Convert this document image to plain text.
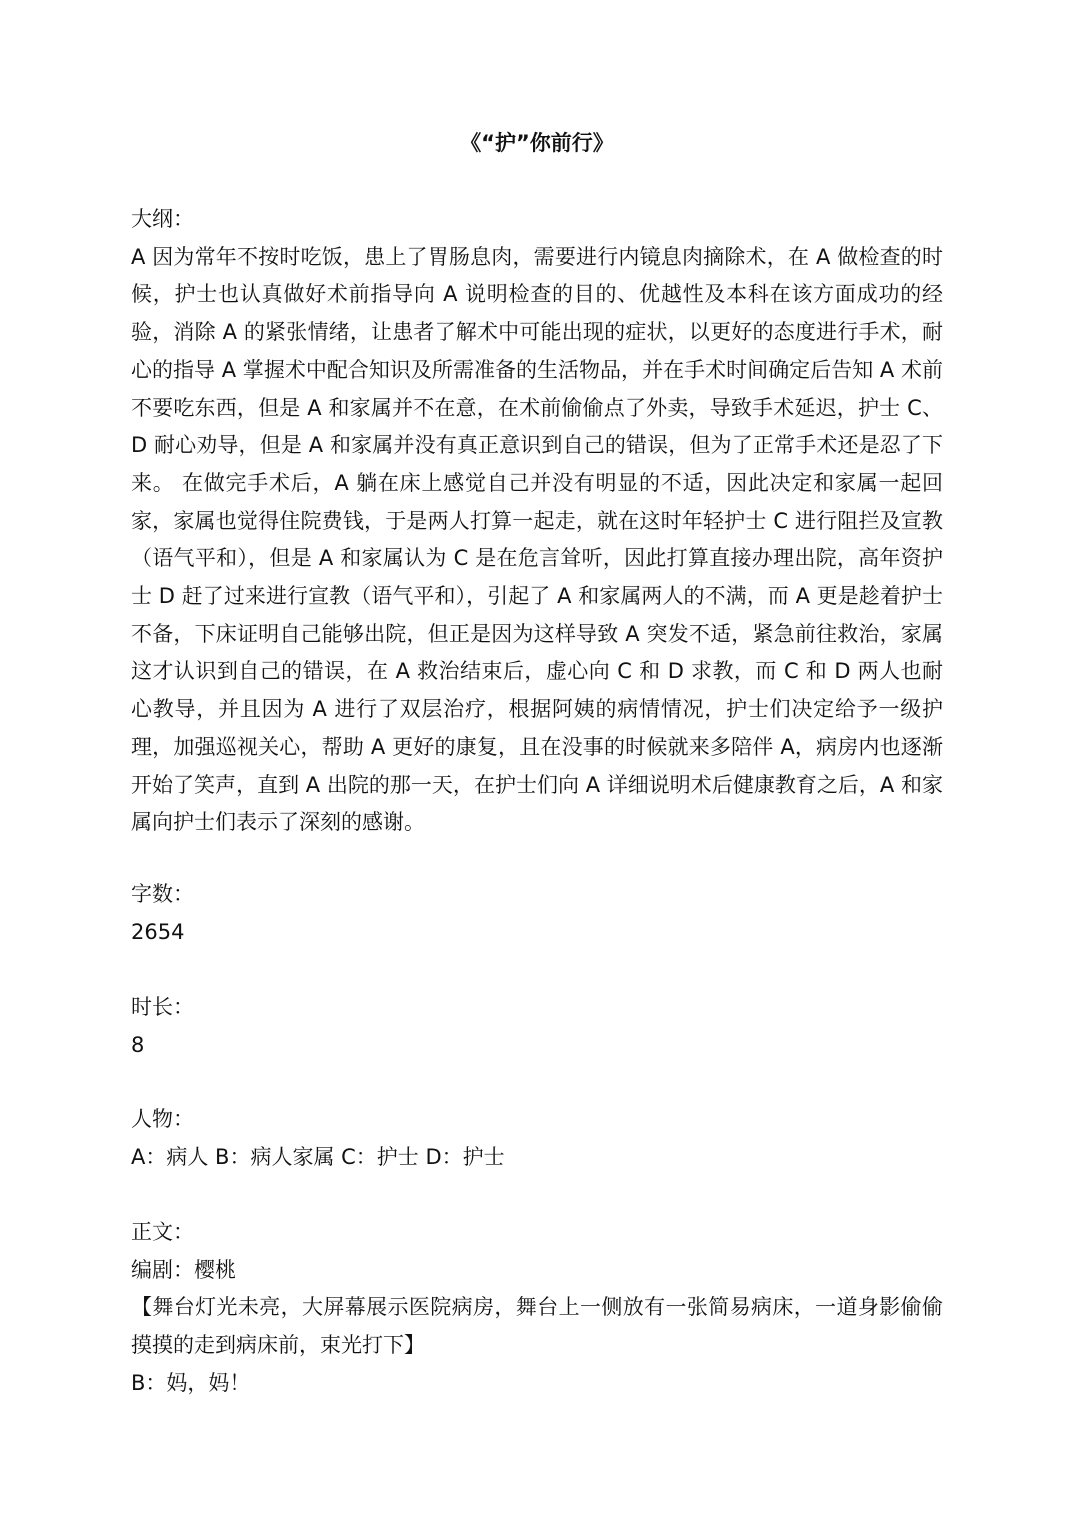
《“护”你前行》
大纲：
A 因为常年不按时吃饭，患上了胃肠息肉，需要进行内镜息肉摘除术，在 A 做检查的时候，护士也认真做好术前指导向 A 说明检查的目的、优越性及本科在该方面成功的经验，消除 A 的紧张情绪，让患者了解术中可能出现的症状，以更好的态度进行手术，耐心的指导 A 掌握术中配合知识及所需准备的生活物品，并在手术时间确定后告知 A 术前不要吃东西，但是 A 和家属并不在意，在术前偷偷点了外卖，导致手术延迟，护士 C、D 耐心劝导，但是 A 和家属并没有真正意识到自己的错误，但为了正常手术还是忍了下来。 在做完手术后，A 躺在床上感觉自己并没有明显的不适，因此决定和家属一起回家，家属也觉得住院费钱，于是两人打算一起走，就在这时年轻护士 C 进行阻拦及宣教（语气平和），但是 A 和家属认为 C 是在危言耸听，因此打算直接办理出院，高年资护士 D 赶了过来进行宣教（语气平和），引起了 A 和家属两人的不满，而 A 更是趁着护士不备，下床证明自己能够出院，但正是因为这样导致 A 突发不适，紧急前往救治，家属这才认识到自己的错误，在 A 救治结束后，虚心向 C 和 D 求教，而 C 和 D 两人也耐心教导，并且因为 A 进行了双层治疗，根据阿姨的病情情况，护士们决定给予一级护理，加强巡视关心，帮助 A 更好的康复，且在没事的时候就来多陪伴 A，病房内也逐渐开始了笑声，直到 A 出院的那一天，在护士们向 A 详细说明术后健康教育之后，A 和家属向护士们表示了深刻的感谢。
字数：
2654
时长：
8
人物：
A：病人 B：病人家属 C：护士 D：护士
正文：
编剧：樱桃
【舞台灯光未亮，大屏幕展示医院病房，舞台上一侧放有一张简易病床，一道身影偷偷摸摸的走到病床前，束光打下】
B：妈，妈！
